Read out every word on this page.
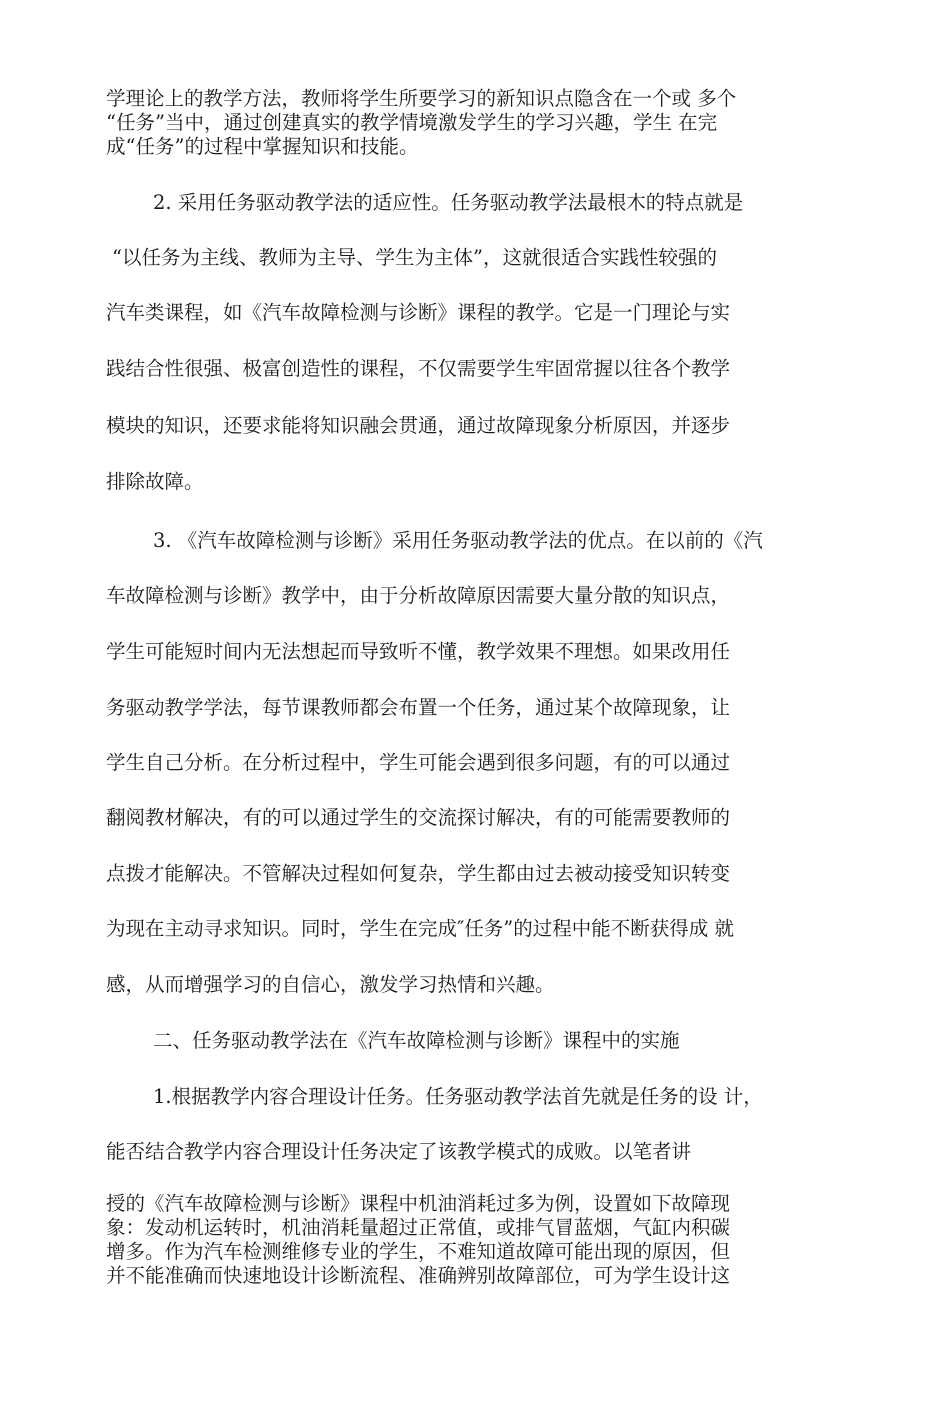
学理论上的教学方法，教师将学生所要学习的新知识点隐含在一个或 多个
“任务”当中，通过创建真实的教学情境激发学生的学习兴趣，学生 在完
成“任务”的过程中掌握知识和技能。
2. 采用任务驱动教学法的适应性。任务驱动教学法最根木的特点就是
“以任务为主线、教师为主导、学生为主体”，这就很适合实践性较强的
汽车类课程，如《汽车故障检测与诊断》课程的教学。它是一门理论与实
践结合性很强、极富创造性的课程，不仅需要学生牢固常握以往各个教学
模块的知识，还要求能将知识融会贯通，通过故障现象分析原因，并逐步
排除故障。
3. 《汽车故障检测与诊断》采用任务驱动教学法的优点。在以前的《汽
车故障检测与诊断》教学中，由于分析故障原因需要大量分散的知识点，
学生可能短时间内无法想起而导致听不懂，教学效果不理想。如果改用任
务驱动教学学法，每节课教师都会布置一个任务，通过某个故障现象，让
学生自己分析。在分析过程中，学生可能会遇到很多问题，有的可以通过
翻阅教材解决，有的可以通过学生的交流探讨解决，有的可能需要教师的
点拨才能解决。不管解决过程如何复杂，学生都由过去被动接受知识转变
为现在主动寻求知识。同时，学生在完成″任务”的过程中能不断获得成 就
感，从而增强学习的自信心，激发学习热情和兴趣。
二、任务驱动教学法在《汽车故障检测与诊断》课程中的实施
1.根据教学内容合理设计任务。任务驱动教学法首先就是任务的设 计，
能否结合教学内容合理设计任务决定了该教学模式的成败。以笔者讲
授的《汽车故障检测与诊断》课程中机油消耗过多为例，设置如下故障现
象：发动机运转时，机油消耗量超过正常值，或排气冒蓝烟，气缸内积碳
增多。作为汽车检测维修专业的学生，不难知道故障可能出现的原因，但
并不能准确而快速地设计诊断流程、准确辨别故障部位，可为学生设计这
